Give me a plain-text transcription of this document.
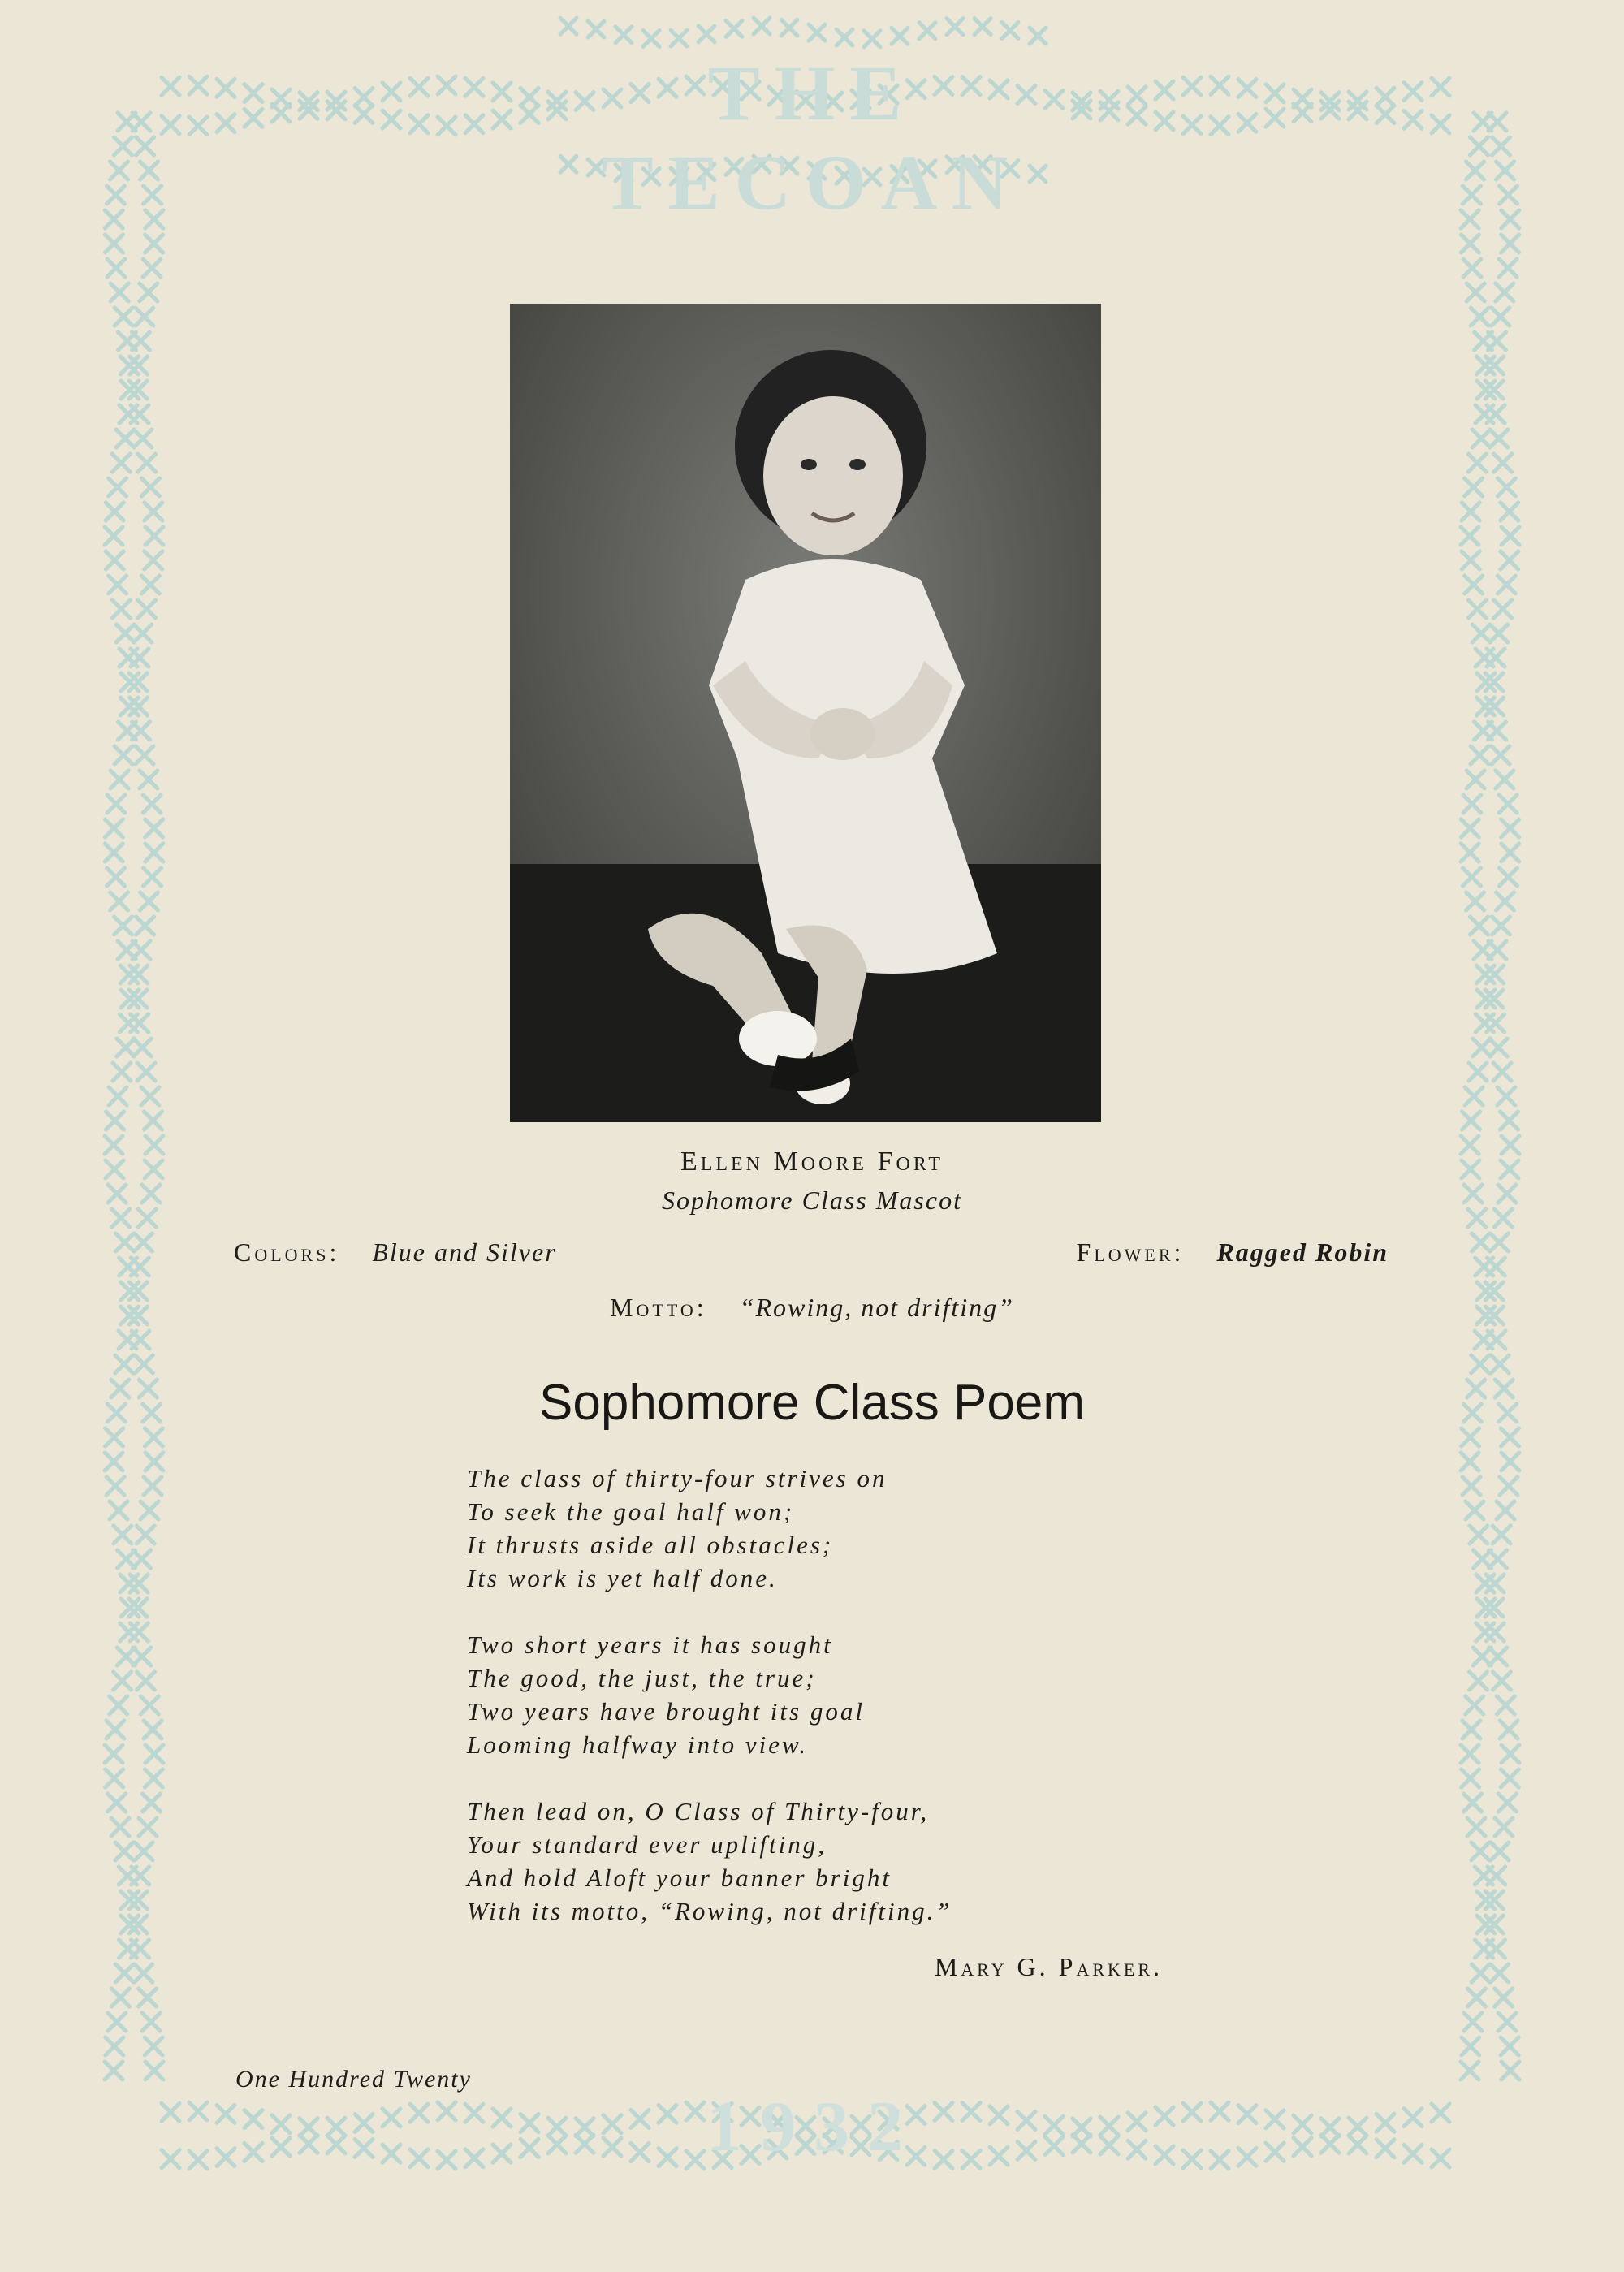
THE TECOAN
Ellen Moore Fort
Sophomore Class Mascot
Colors: Blue and Silver	Flower: Ragged Robin
Motto: “Rowing, not drifting”
Sophomore Class Poem
The class of thirty-four strives on
To seek the goal half won;
It thrusts aside all obstacles;
Its work is yet half done.
Two short years it has sought
The good, the just, the true;
Two years have brought its goal
Looming halfway into view.
Then lead on, O Class of Thirty-four,
Your standard ever uplifting,
And hold Aloft your banner bright
With its motto, “Rowing, not drifting.”
Mary G. Parker.
One Hundred Twenty
1932
